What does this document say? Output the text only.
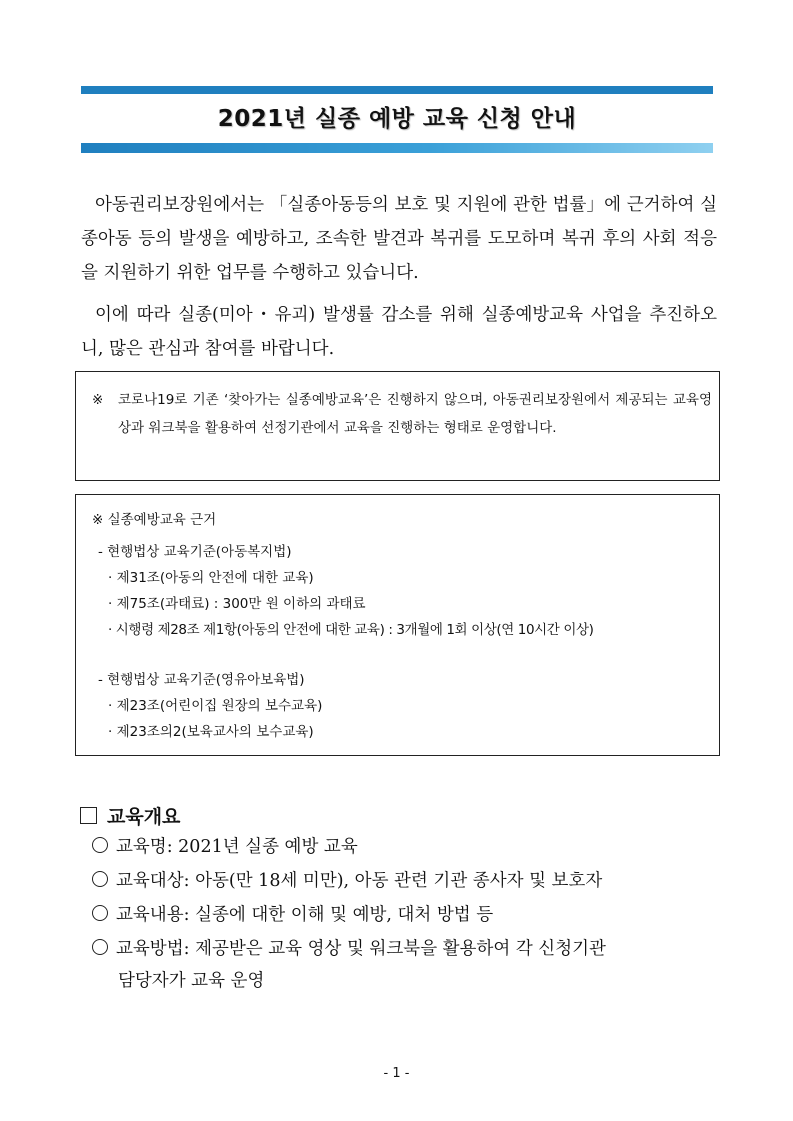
2021년 실종 예방 교육 신청 안내

아동권리보장원에서는 「실종아동등의 보호 및 지원에 관한 법률」에 근거하여 실종아동 등의 발생을 예방하고, 조속한 발견과 복귀를 도모하며 복귀 후의 사회 적응을 지원하기 위한 업무를 수행하고 있습니다.

이에 따라 실종(미아・유괴) 발생률 감소를 위해 실종예방교육 사업을 추진하오니, 많은 관심과 참여를 바랍니다.

※	코로나19로 기존 ‘찾아가는 실종예방교육’은 진행하지 않으며, 아동권리보장원에서 제공되는 교육영상과 워크북을 활용하여 선정기관에서 교육을 진행하는 형태로 운영합니다.
※ 실종예방교육 근거
- 현행법상 교육기준(아동복지법)
· 제31조(아동의 안전에 대한 교육)
· 제75조(과태료) : 300만 원 이하의 과태료
· 시행령 제28조 제1항(아동의 안전에 대한 교육) : 3개월에 1회 이상(연 10시간 이상)
- 현행법상 교육기준(영유아보육법)
· 제23조(어린이집 원장의 보수교육)
· 제23조의2(보육교사의 보수교육)
교육개요
교육명: 2021년 실종 예방 교육
교육대상: 아동(만 18세 미만), 아동 관련 기관 종사자 및 보호자
교육내용: 실종에 대한 이해 및 예방, 대처 방법 등
교육방법: 제공받은 교육 영상 및 워크북을 활용하여 각 신청기관
담당자가 교육 운영
- 1 -
